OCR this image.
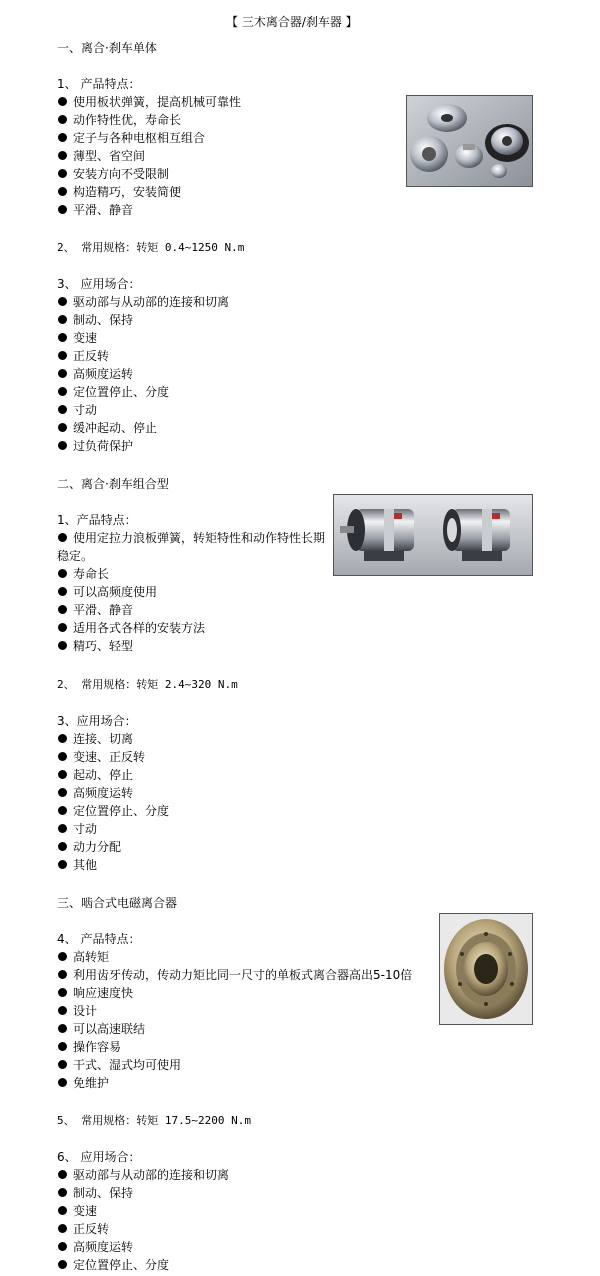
【 三木离合器/刹车器 】
一、离合·刹车单体
1、 产品特点：
使用板状弹簧，提高机械可靠性
动作特性优，寿命长
定子与各种电枢相互组合
薄型、省空间
安装方向不受限制
构造精巧，安装简便
平滑、静音
2、 常用规格：转矩 0.4~1250 N.m
3、 应用场合：
驱动部与从动部的连接和切离
制动、保持
变速
正反转
高频度运转
定位置停止、分度
寸动
缓冲起动、停止
过负荷保护
二、离合·刹车组合型
1、产品特点：
使用定拉力浪板弹簧，转矩特性和动作特性长期
稳定。
寿命长
可以高频度使用
平滑、静音
适用各式各样的安装方法
精巧、轻型
2、 常用规格：转矩 2.4~320 N.m
3、应用场合：
连接、切离
变速、正反转
起动、停止
高频度运转
定位置停止、分度
寸动
动力分配
其他
三、啮合式电磁离合器
4、 产品特点：
高转矩
利用齿牙传动，传动力矩比同一尺寸的单板式离合器高出5-10倍
响应速度快
设计
可以高速联结
操作容易
干式、湿式均可使用
免维护
5、 常用规格：转矩 17.5~2200 N.m
6、 应用场合：
驱动部与从动部的连接和切离
制动、保持
变速
正反转
高频度运转
定位置停止、分度
